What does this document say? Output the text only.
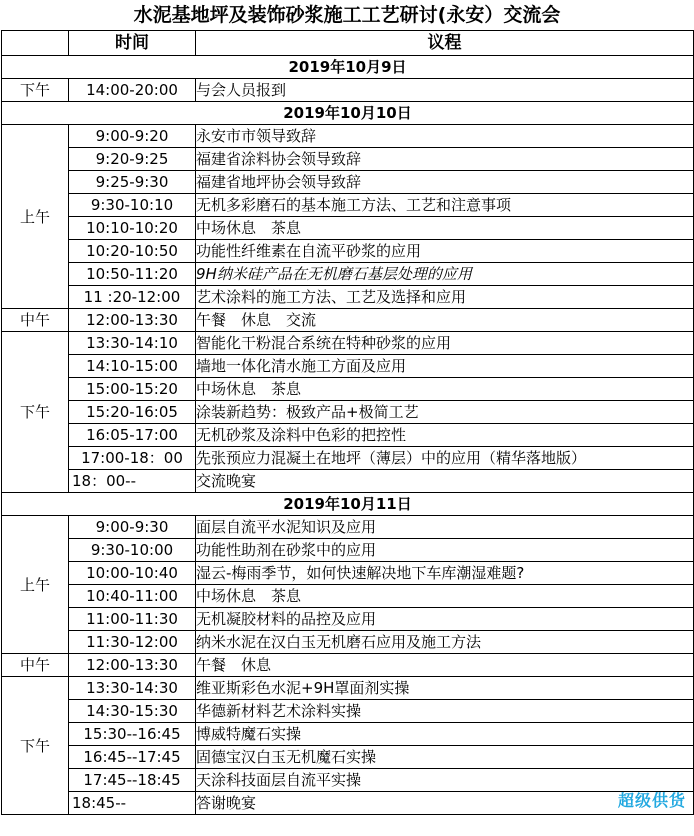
水泥基地坪及装饰砂浆施工工艺研讨(永安）交流会
	时间	议程
2019年10月9日		
下午	14:00-20:00	与会人员报到
2019年10月10日		
上午	9:00-9:20	永安市市领导致辞
	9:20-9:25	福建省涂料协会领导致辞
	9:25-9:30	福建省地坪协会领导致辞
	9:30-10:10	无机多彩磨石的基本施工方法、工艺和注意事项
	10:10-10:20	中场休息　茶息
	10:20-10:50	功能性纤维素在自流平砂浆的应用
	10:50-11:20	9H纳米硅产品在无机磨石基层处理的应用
	11 :20-12:00	艺术涂料的施工方法、工艺及选择和应用
中午	12:00-13:30	午餐　休息　交流
下午	13:30-14:10	智能化干粉混合系统在特种砂浆的应用
	14:10-15:00	墙地一体化清水施工方面及应用
	15:00-15:20	中场休息　茶息
	15:20-16:05	涂装新趋势：极致产品+极简工艺
	16:05-17:00	无机砂浆及涂料中色彩的把控性
	17:00-18：00	先张预应力混凝土在地坪（薄层）中的应用（精华落地版）
	18：00--	交流晚宴
2019年10月11日		
上午	9:00-9:30	面层自流平水泥知识及应用
	9:30-10:00	功能性助剂在砂浆中的应用
	10:00-10:40	湿云-梅雨季节，如何快速解决地下车库潮湿难题?
	10:40-11:00	中场休息　茶息
	11:00-11:30	无机凝胶材料的品控及应用
	11:30-12:00	纳米水泥在汉白玉无机磨石应用及施工方法
中午	12:00-13:30	午餐　休息
下午	13:30-14:30	维亚斯彩色水泥+9H罩面剂实操
	14:30-15:30	华德新材料艺术涂料实操
	15:30--16:45	博威特魔石实操
	16:45--17:45	固德宝汉白玉无机魔石实操
	17:45--18:45	天涂科技面层自流平实操
	18:45--	答谢晚宴	超级供货
